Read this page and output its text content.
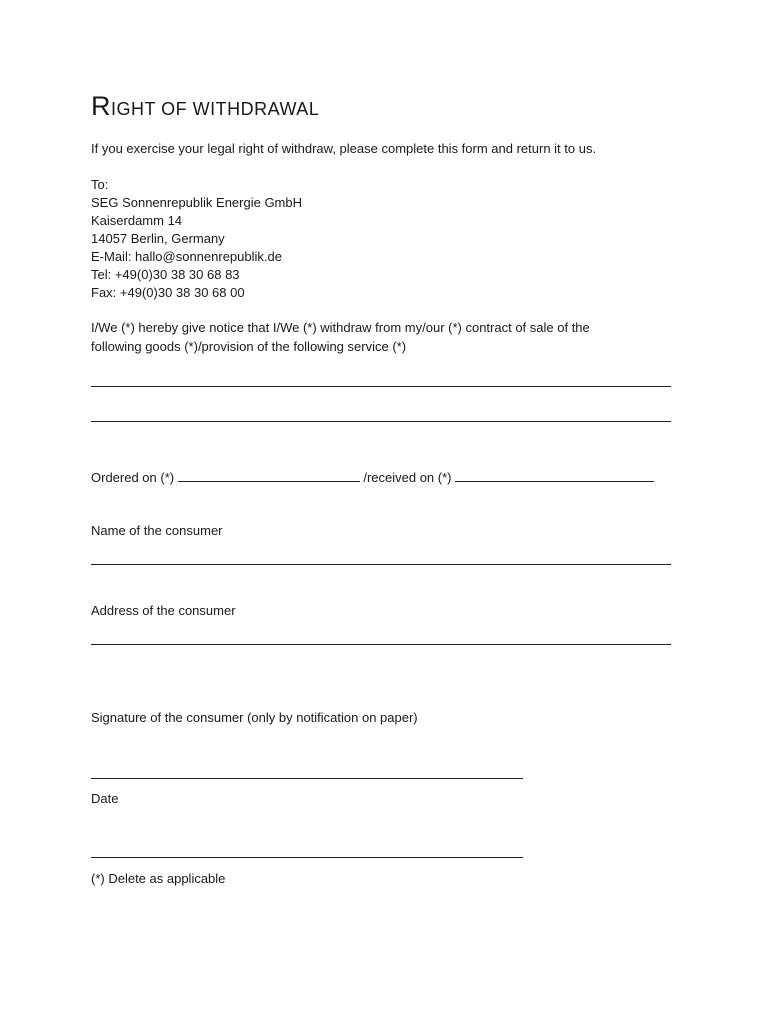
RIGHT OF WITHDRAWAL
If you exercise your legal right of withdraw, please complete this form and return it to us.
To:
SEG Sonnenrepublik Energie GmbH
Kaiserdamm 14
14057 Berlin, Germany
E-Mail: hallo@sonnenrepublik.de
Tel: +49(0)30 38 30 68 83
Fax: +49(0)30 38 30 68 00
I/We (*) hereby give notice that I/We (*) withdraw from my/our (*) contract of sale of the
following goods (*)/provision of the following service (*)
Ordered on (*)	/received on (*)
Name of the consumer
Address of the consumer
Signature of the consumer (only by notification on paper)
Date
(*) Delete as applicable
